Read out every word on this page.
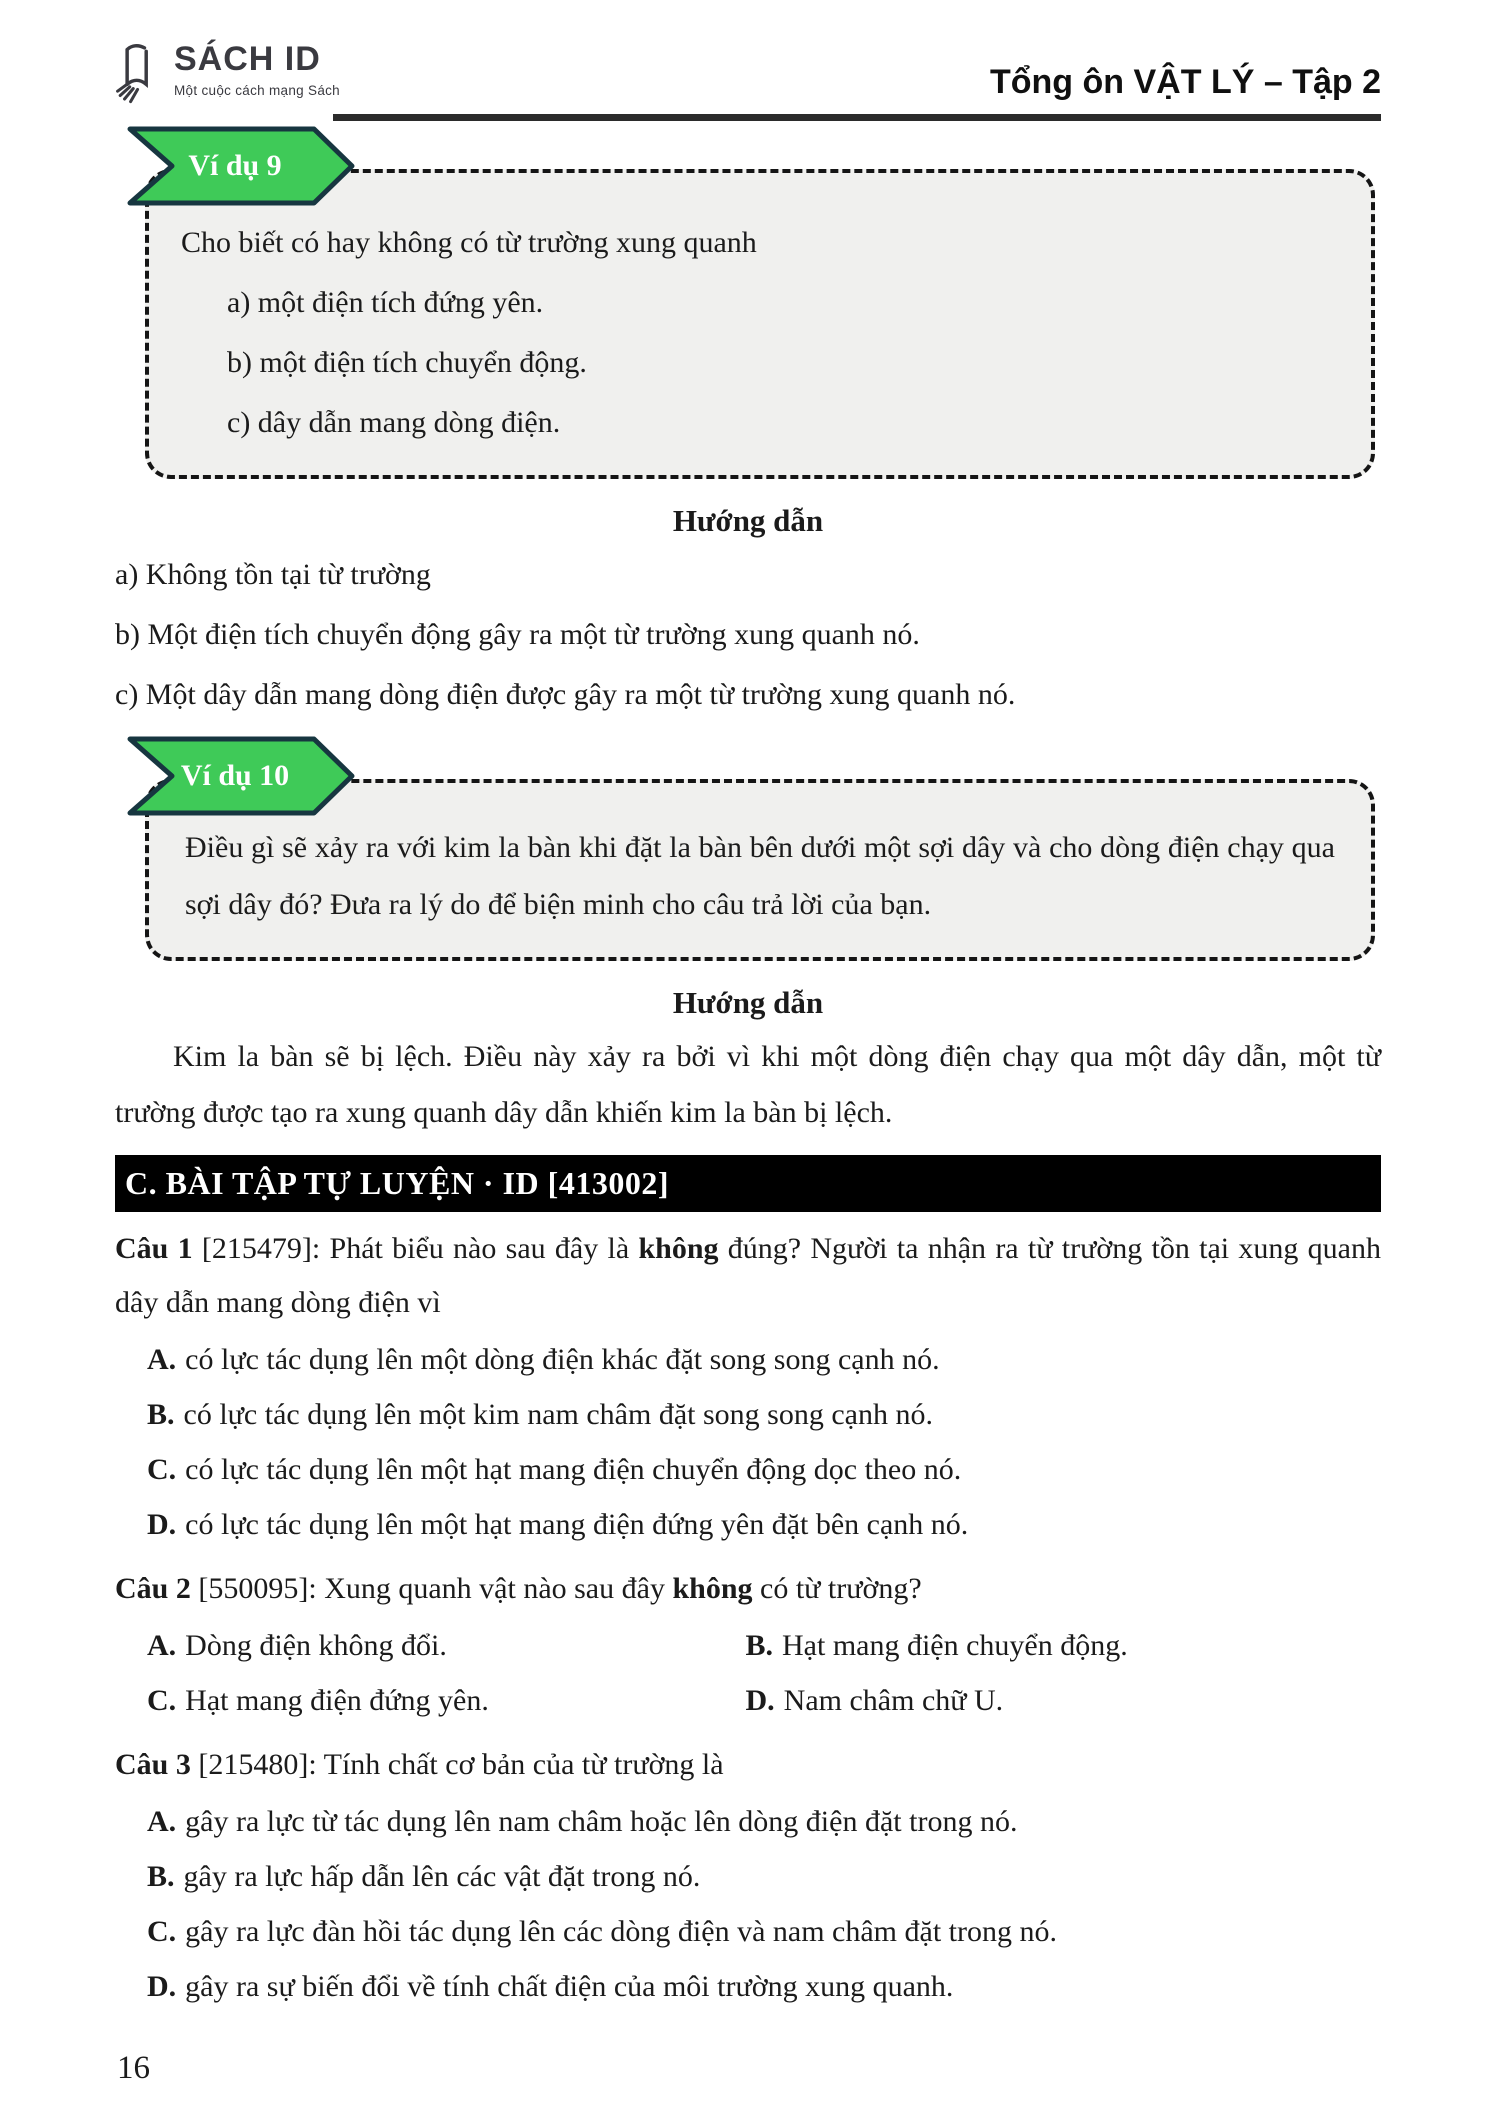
SÁCH ID
Một cuộc cách mạng Sách	Tổng ôn VẬT LÝ – Tập 2
Ví dụ 9

Cho biết có hay không có từ trường xung quanh

a) một điện tích đứng yên.

b) một điện tích chuyển động.

c) dây dẫn mang dòng điện.

Hướng dẫn

a) Không tồn tại từ trường

b) Một điện tích chuyển động gây ra một từ trường xung quanh nó.

c) Một dây dẫn mang dòng điện được gây ra một từ trường xung quanh nó.

Ví dụ 10

Điều gì sẽ xảy ra với kim la bàn khi đặt la bàn bên dưới một sợi dây và cho dòng điện chạy qua sợi dây đó? Đưa ra lý do để biện minh cho câu trả lời của bạn.

Hướng dẫn

Kim la bàn sẽ bị lệch. Điều này xảy ra bởi vì khi một dòng điện chạy qua một dây dẫn, một từ trường được tạo ra xung quanh dây dẫn khiến kim la bàn bị lệch.

C. BÀI TẬP TỰ LUYỆN · ID [413002]

Câu 1 [215479]: Phát biểu nào sau đây là không đúng? Người ta nhận ra từ trường tồn tại xung quanh dây dẫn mang dòng điện vì

A. có lực tác dụng lên một dòng điện khác đặt song song cạnh nó.

B. có lực tác dụng lên một kim nam châm đặt song song cạnh nó.

C. có lực tác dụng lên một hạt mang điện chuyển động dọc theo nó.

D. có lực tác dụng lên một hạt mang điện đứng yên đặt bên cạnh nó.

Câu 2 [550095]: Xung quanh vật nào sau đây không có từ trường?

A. Dòng điện không đổi.	B. Hạt mang điện chuyển động.

C. Hạt mang điện đứng yên.	D. Nam châm chữ U.

Câu 3 [215480]: Tính chất cơ bản của từ trường là

A. gây ra lực từ tác dụng lên nam châm hoặc lên dòng điện đặt trong nó.

B. gây ra lực hấp dẫn lên các vật đặt trong nó.

C. gây ra lực đàn hồi tác dụng lên các dòng điện và nam châm đặt trong nó.

D. gây ra sự biến đổi về tính chất điện của môi trường xung quanh.

16
